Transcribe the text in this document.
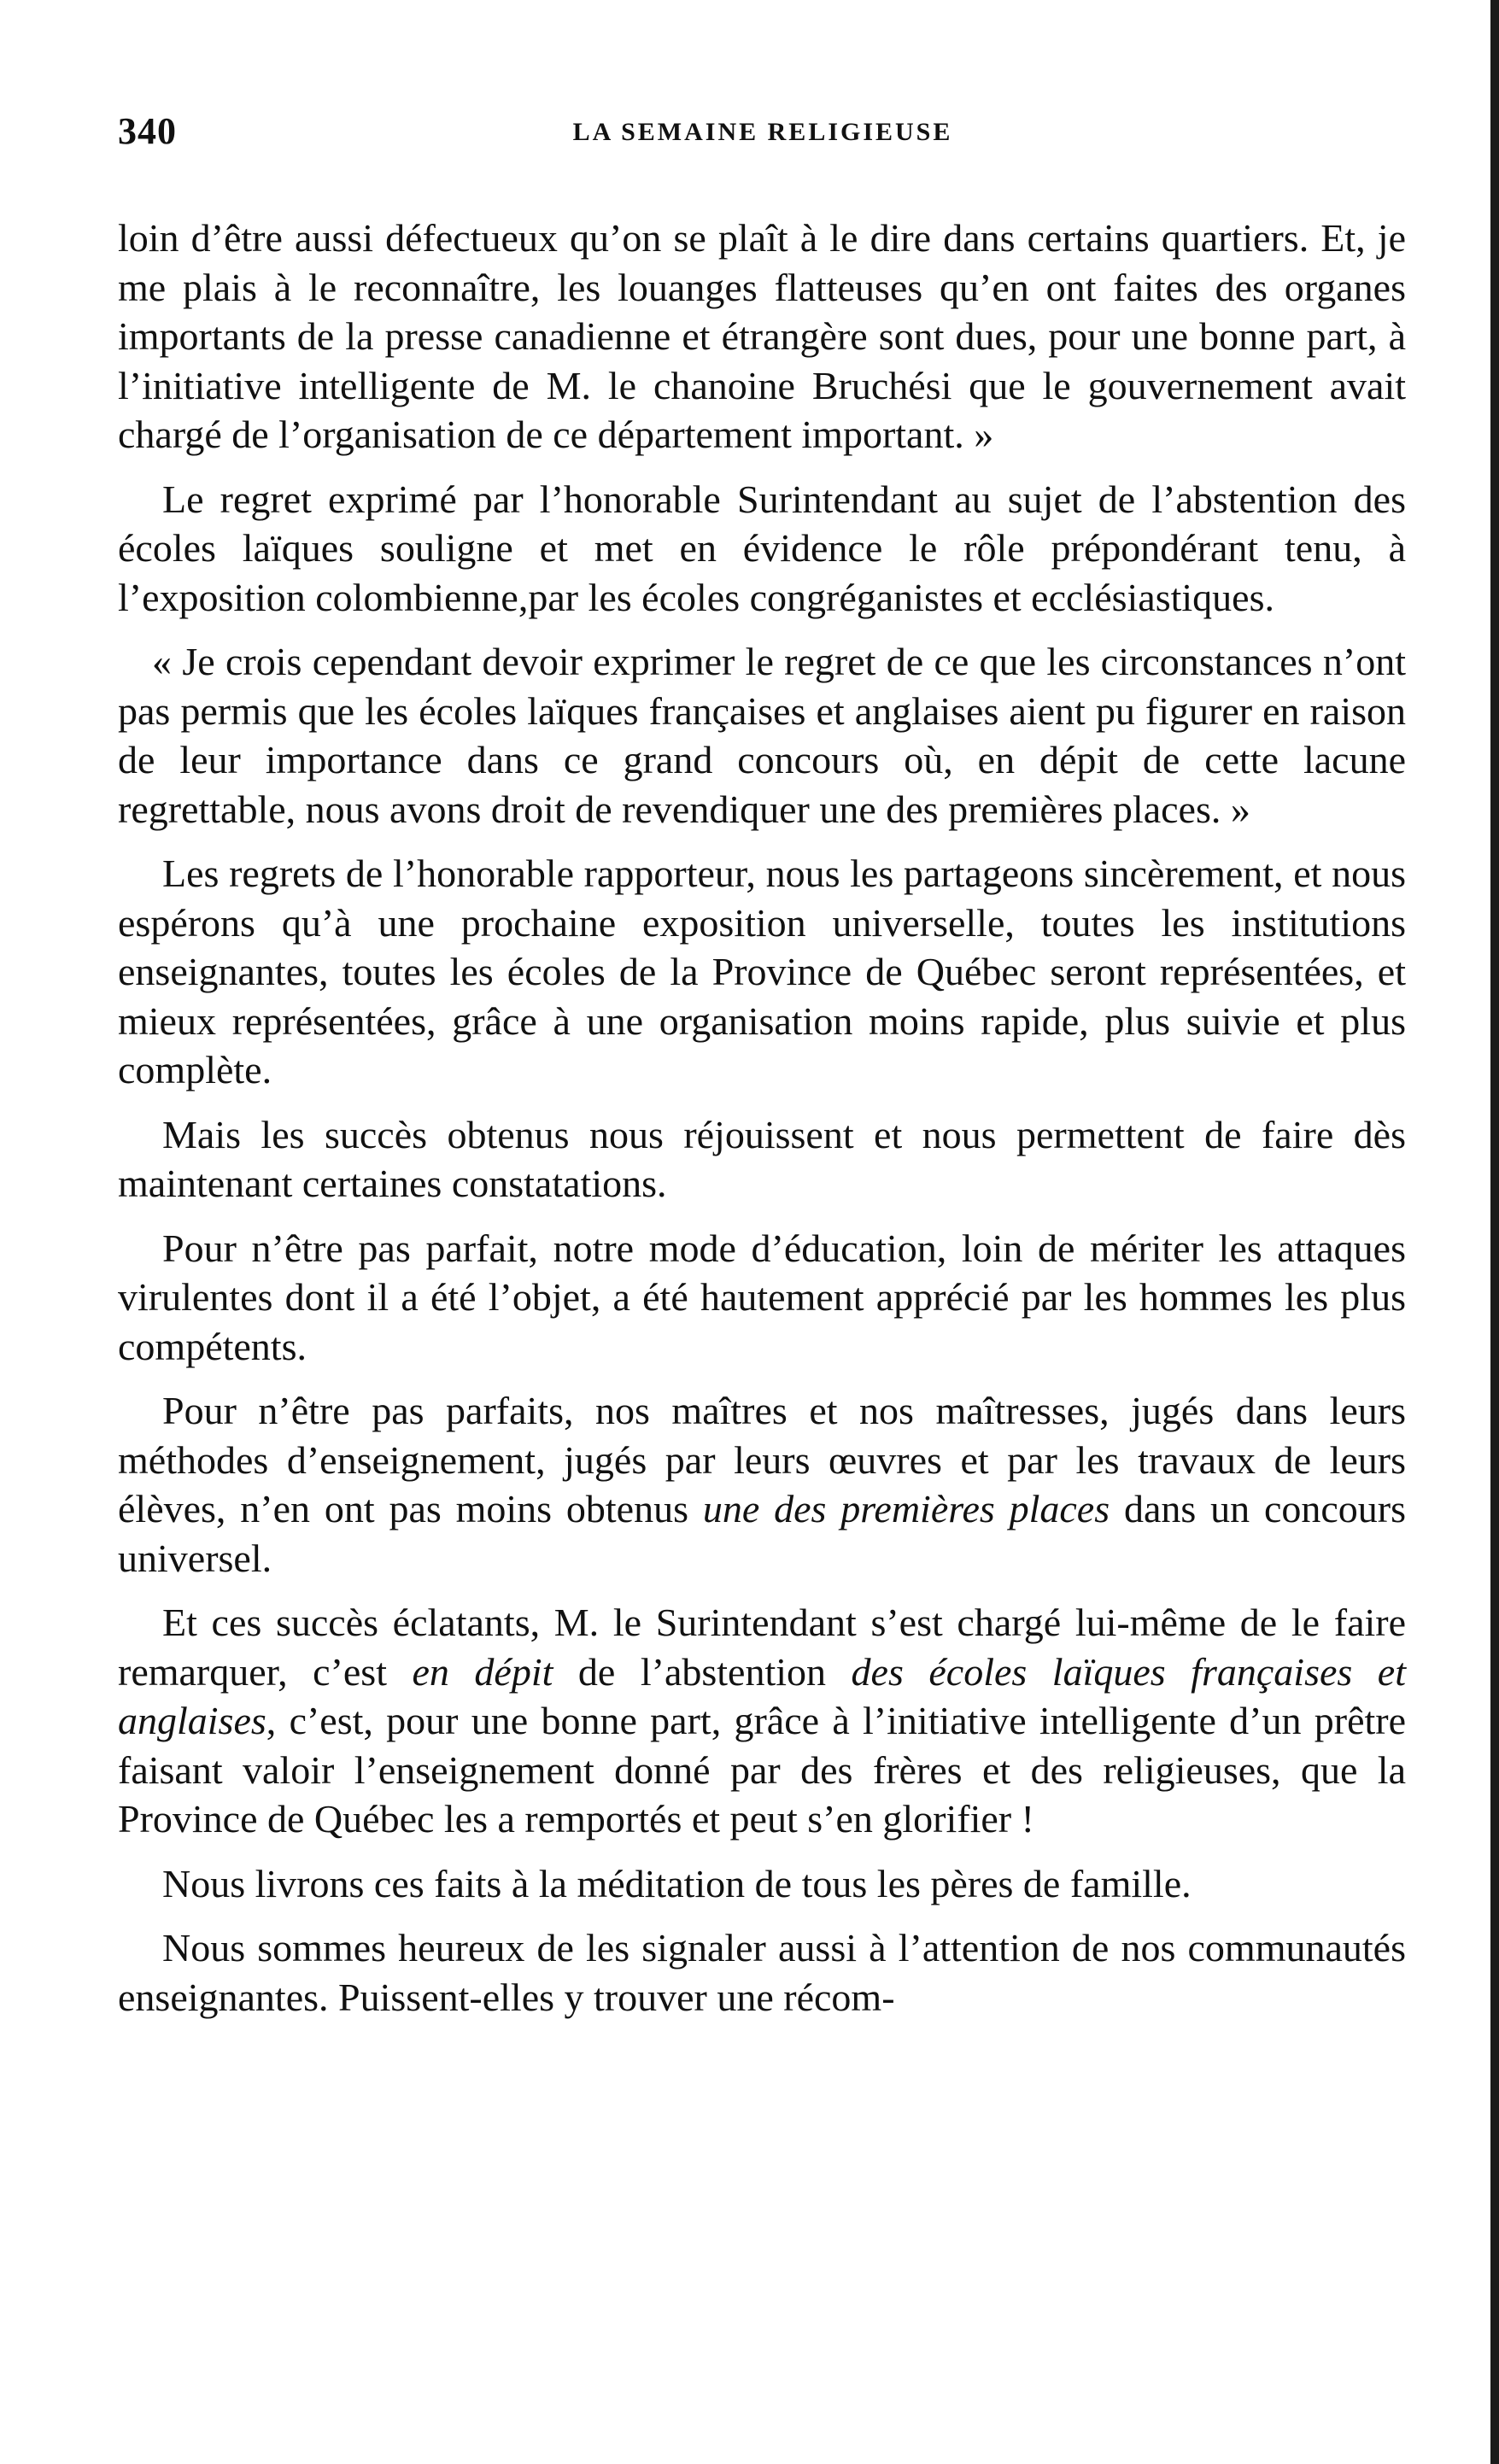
340	LA SEMAINE RELIGIEUSE

loin d’être aussi défectueux qu’on se plaît à le dire dans certains quartiers. Et, je me plais à le reconnaître, les louanges flatteuses qu’en ont faites des organes importants de la presse canadienne et étrangère sont dues, pour une bonne part, à l’initiative intelligente de M. le chanoine Bruchési que le gouvernement avait chargé de l’organisation de ce département important. »

Le regret exprimé par l’honorable Surintendant au sujet de l’abstention des écoles laïques souligne et met en évidence le rôle prépondérant tenu, à l’exposition colombienne,par les écoles congréganistes et ecclésiastiques.

« Je crois cependant devoir exprimer le regret de ce que les circonstances n’ont pas permis que les écoles laïques françaises et anglaises aient pu figurer en raison de leur importance dans ce grand concours où, en dépit de cette lacune regrettable, nous avons droit de revendiquer une des premières places. »

Les regrets de l’honorable rapporteur, nous les partageons sincèrement, et nous espérons qu’à une prochaine exposition universelle, toutes les institutions enseignantes, toutes les écoles de la Province de Québec seront représentées, et mieux représentées, grâce à une organisation moins rapide, plus suivie et plus complète.

Mais les succès obtenus nous réjouissent et nous permettent de faire dès maintenant certaines constatations.

Pour n’être pas parfait, notre mode d’éducation, loin de mériter les attaques virulentes dont il a été l’objet, a été hautement apprécié par les hommes les plus compétents.

Pour n’être pas parfaits, nos maîtres et nos maîtresses, jugés dans leurs méthodes d’enseignement, jugés par leurs œuvres et par les travaux de leurs élèves, n’en ont pas moins obtenus une des premières places dans un concours universel.

Et ces succès éclatants, M. le Surintendant s’est chargé lui-même de le faire remarquer, c’est en dépit de l’abstention des écoles laïques françaises et anglaises, c’est, pour une bonne part, grâce à l’initiative intelligente d’un prêtre faisant valoir l’enseignement donné par des frères et des religieuses, que la Province de Québec les a remportés et peut s’en glorifier !

Nous livrons ces faits à la méditation de tous les pères de famille.

Nous sommes heureux de les signaler aussi à l’attention de nos communautés enseignantes. Puissent-elles y trouver une récom-
